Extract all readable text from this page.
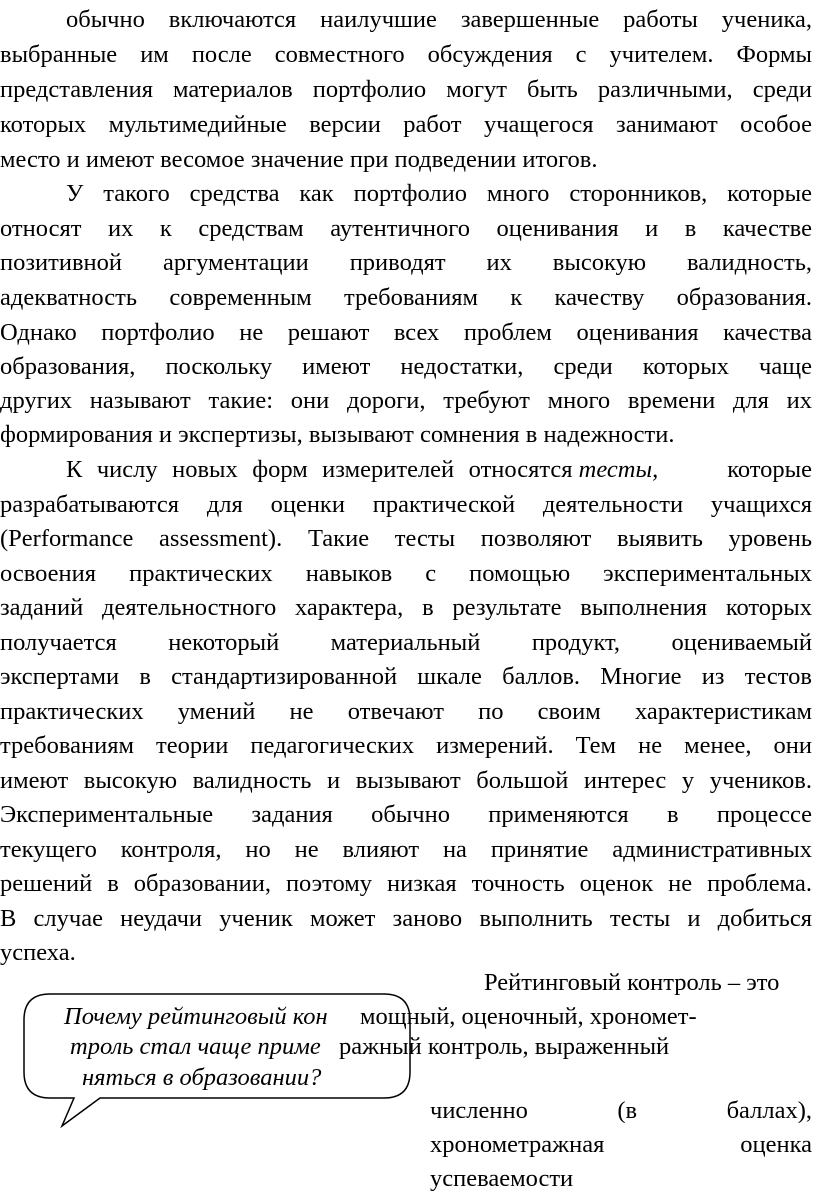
обычно включаются наилучшие завершенные работы ученика,
выбранные им после совместного обсуждения с учителем. Формы
представления материалов портфолио могут быть различными, среди
которых мультимедийные версии работ учащегося занимают особое
место и имеют весомое значение при подведении итогов.
У такого средства как портфолио много сторонников, которые
относят их к средствам аутентичного оценивания и в качестве
позитивной аргументации приводят их высокую валидность,
адекватность современным требованиям к качеству образования.
Однако портфолио не решают всех проблем оценивания качества
образования, поскольку имеют недостатки, среди которых чаще
других называют такие: они дороги, требуют много времени для их
формирования и экспертизы, вызывают сомнения в надежности.
К числу новых форм измерителей относятся тесты,	которые
разрабатываются для оценки практической деятельности учащихся
(Performance assessment). Такие тесты позволяют выявить уровень
освоения практических навыков с помощью экспериментальных
заданий деятельностного характера, в результате выполнения которых
получается некоторый материальный продукт, оцениваемый
экспертами в стандартизированной шкале баллов. Многие из тестов
практических умений не отвечают по своим характеристикам
требованиям теории педагогических измерений. Тем не менее, они
имеют высокую валидность и вызывают большой интерес у учеников.
Экспериментальные задания обычно применяются в процессе
текущего контроля, но не влияют на принятие административных
решений в образовании, поэтому низкая точность оценок не проблема.
В случае неудачи ученик может заново выполнить тесты и добиться
успеха.
Рейтинговый контроль – это
Почему рейтинговый кон мощный, оценочный, хрономет-
троль стал чаще приме ражный контроль, выраженный
няться в образовании?
численно (в баллах),
хронометражная оценка
успеваемости
